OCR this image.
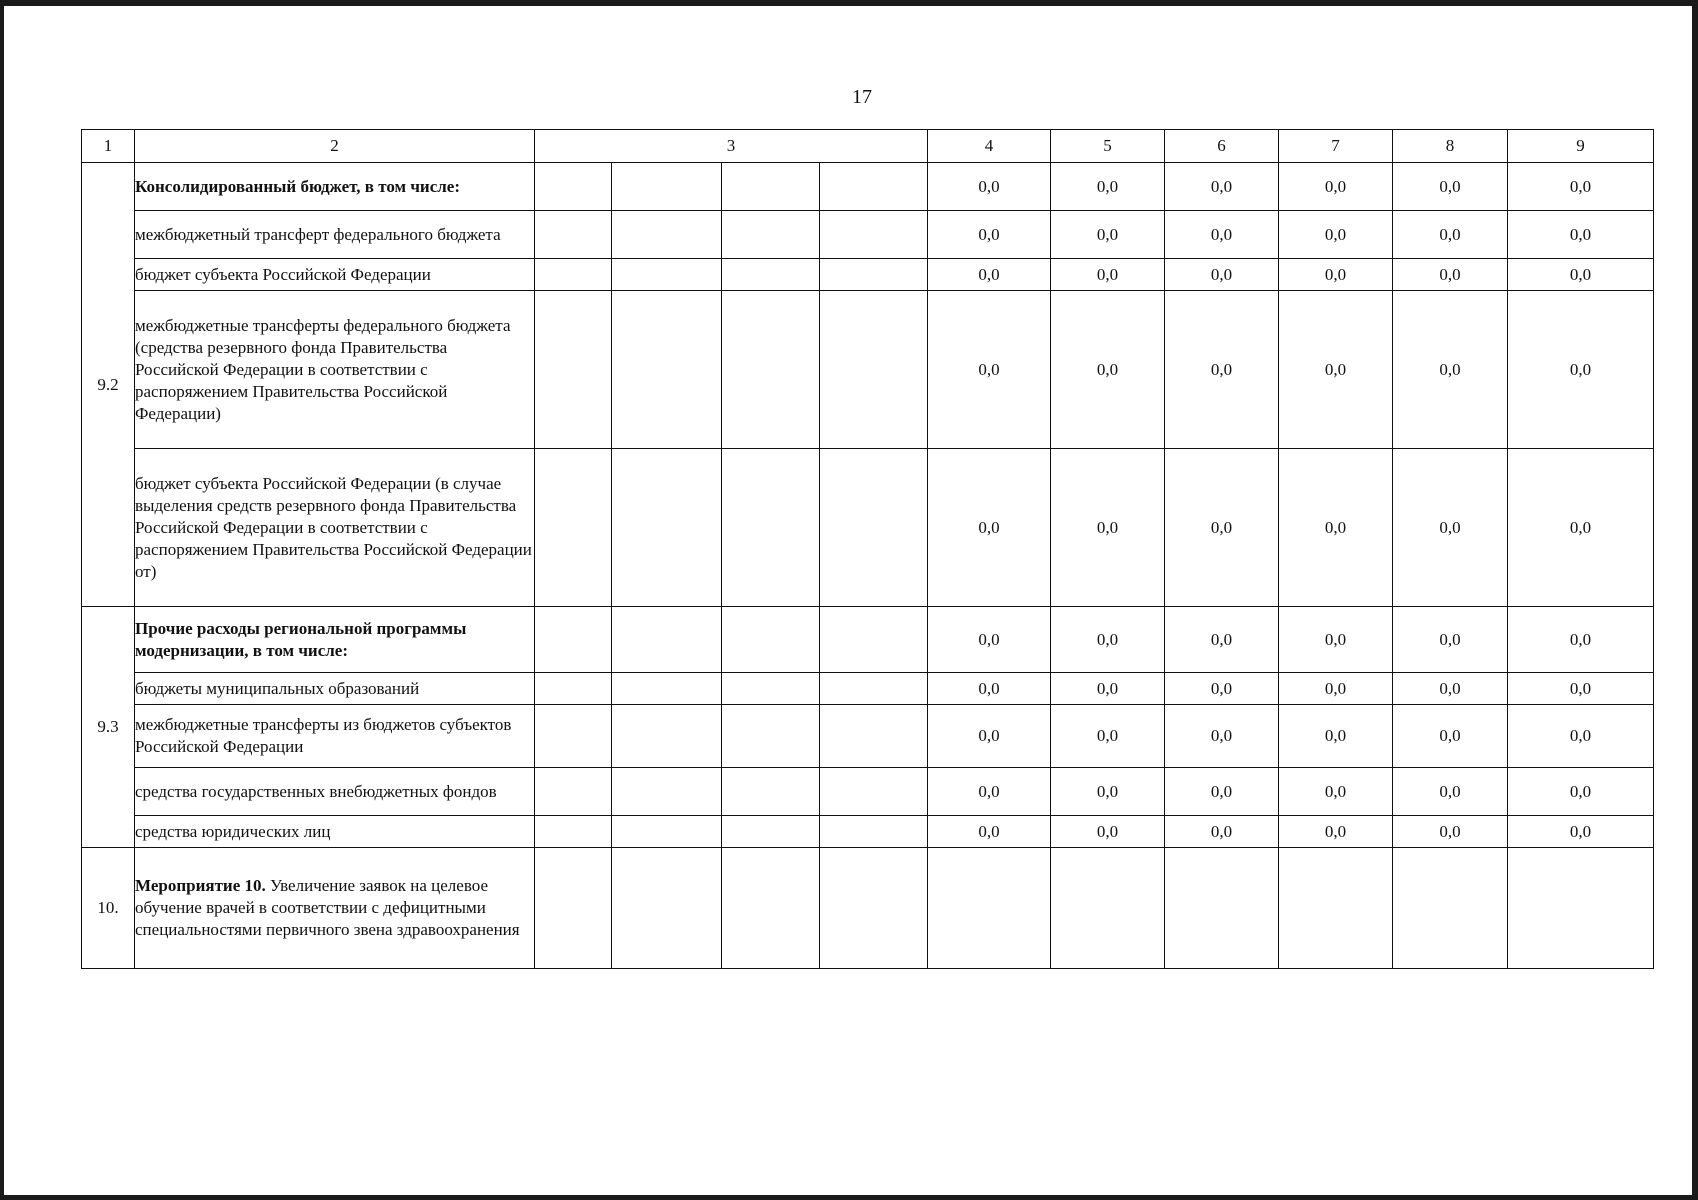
17
1	2	3				4	5	6	7	8	9
9.2	Консолидированный бюджет, в том числе:					0,0	0,0	0,0	0,0	0,0	0,0
	межбюджетный трансферт федерального бюджета					0,0	0,0	0,0	0,0	0,0	0,0
	бюджет субъекта Российской Федерации					0,0	0,0	0,0	0,0	0,0	0,0
	межбюджетные трансферты федерального бюджета (средства резервного фонда Правительства Российской Федерации в соответствии с распоряжением Правительства Российской Федерации)					0,0	0,0	0,0	0,0	0,0	0,0
	бюджет субъекта Российской Федерации (в случае выделения средств резервного фонда Правительства Российской Федерации в соответствии с распоряжением Правительства Российской Федерации от)					0,0	0,0	0,0	0,0	0,0	0,0
9.3	Прочие расходы региональной программы модернизации, в том числе:					0,0	0,0	0,0	0,0	0,0	0,0
	бюджеты муниципальных образований					0,0	0,0	0,0	0,0	0,0	0,0
	межбюджетные трансферты из бюджетов субъектов Российской Федерации					0,0	0,0	0,0	0,0	0,0	0,0
	средства государственных внебюджетных фондов					0,0	0,0	0,0	0,0	0,0	0,0
	средства юридических лиц					0,0	0,0	0,0	0,0	0,0	0,0
10.	Мероприятие 10. Увеличение заявок на целевое обучение врачей в соответствии с дефицитными специальностями первичного звена здравоохранения										
